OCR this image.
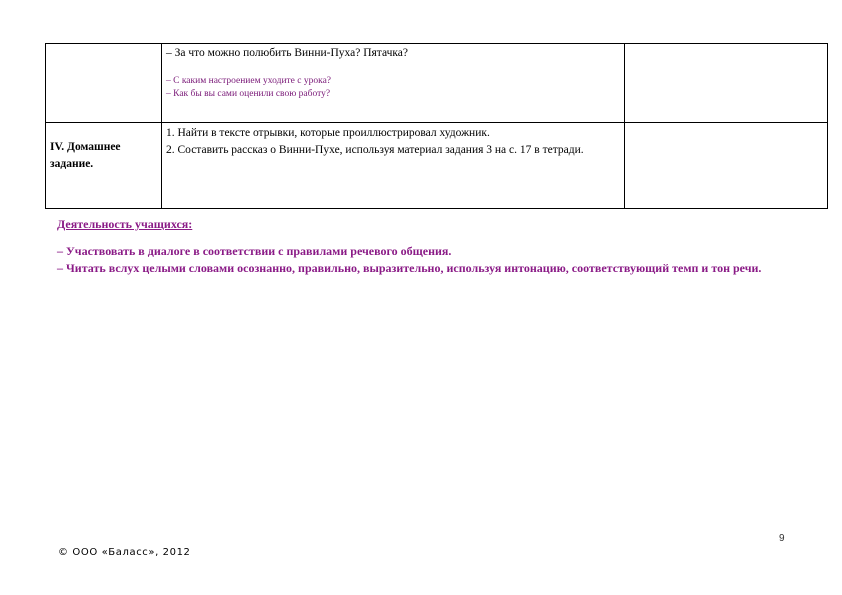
	– За что можно полюбить Винни-Пуха? Пятачка?
– С каким настроением уходите с урока?
– Как бы вы сами оценили свою работу?	

IV. Домашнее задание.	1. Найти в тексте отрывки, которые проиллюстрировал художник.
2. Составить рассказ о Винни-Пухе, используя материал задания 3 на с. 17 в тетради.	

Деятельность учащихся:
– Участвовать в диалоге в соответствии с правилами речевого общения.
– Читать вслух целыми словами осознанно, правильно, выразительно, используя интонацию, соответствующий темп и тон речи.
9
© ООО «Баласс», 2012
